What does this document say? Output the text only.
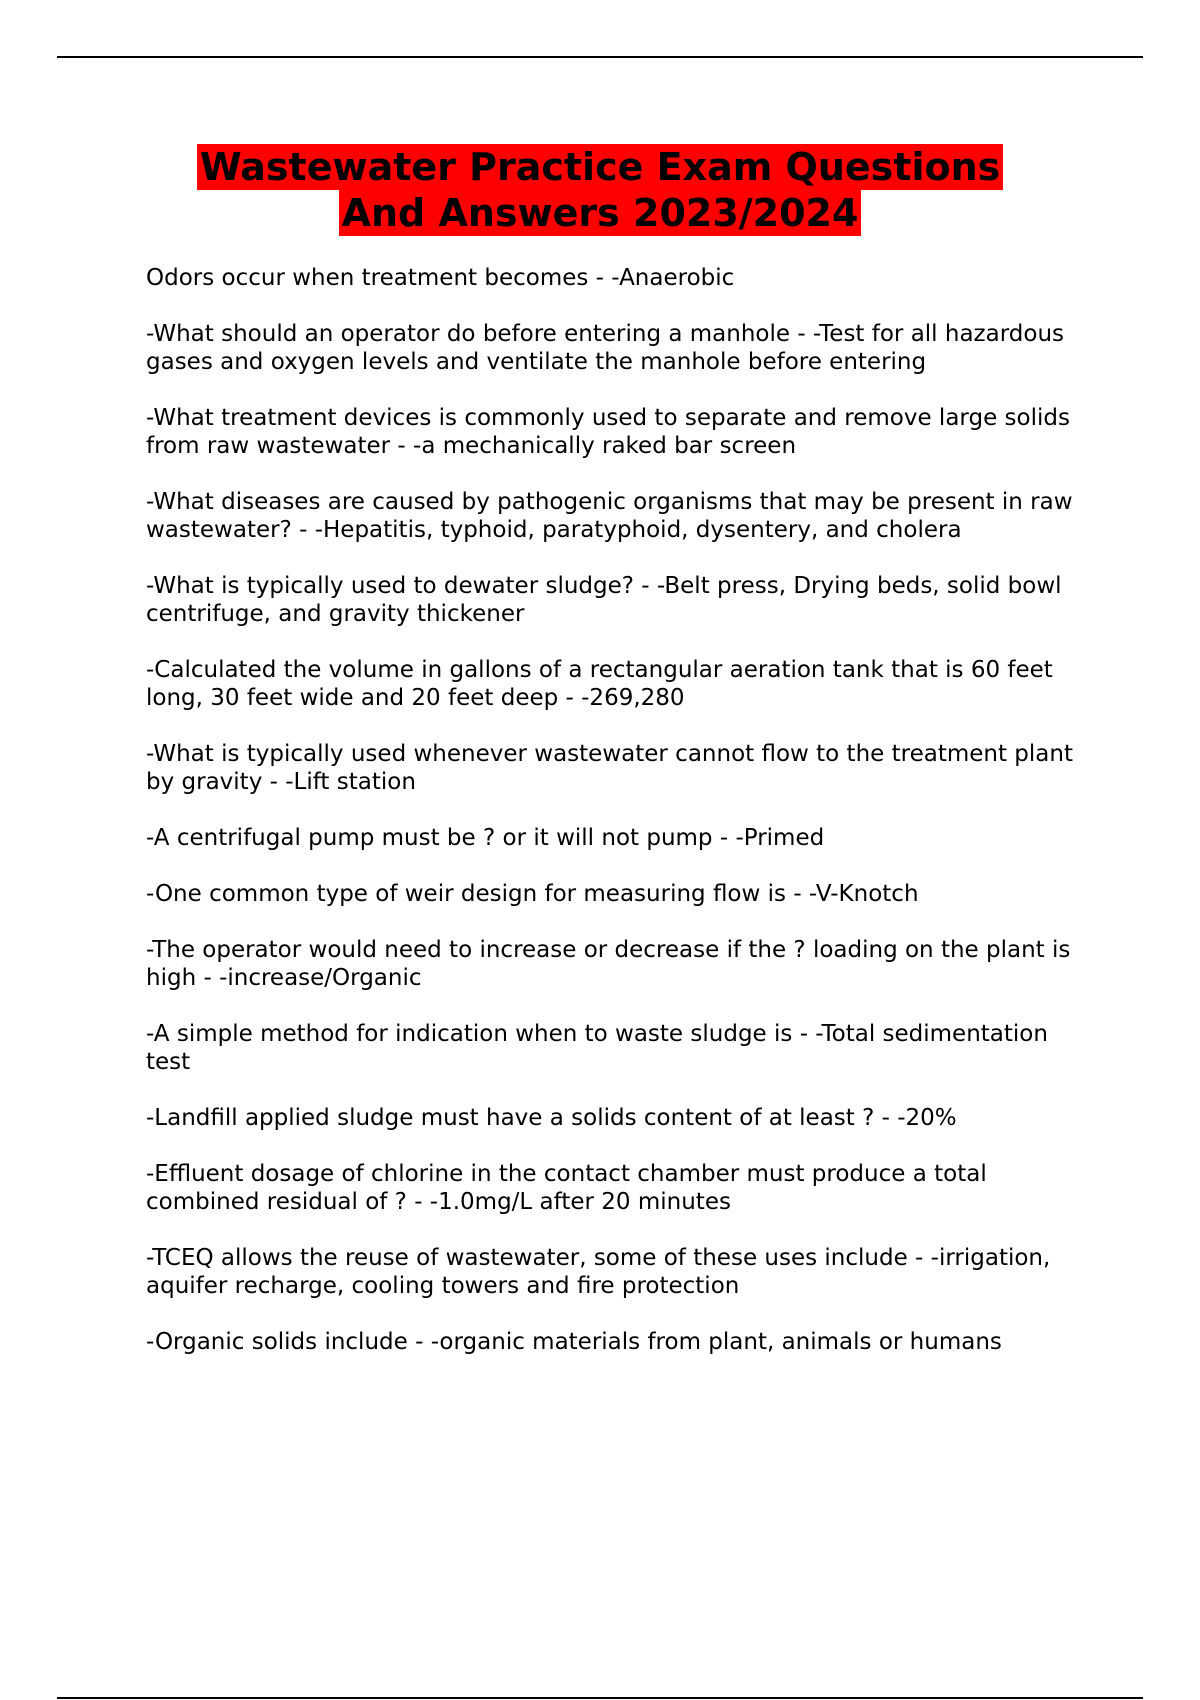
Wastewater Practice Exam Questions
And Answers 2023/2024

Odors occur when treatment becomes - -Anaerobic

-What should an operator do before entering a manhole - -Test for all hazardous gases and oxygen levels and ventilate the manhole before entering

-What treatment devices is commonly used to separate and remove large solids from raw wastewater - -a mechanically raked bar screen

-What diseases are caused by pathogenic organisms that may be present in raw wastewater? - -Hepatitis, typhoid, paratyphoid, dysentery, and cholera

-What is typically used to dewater sludge? - -Belt press, Drying beds, solid bowl centrifuge, and gravity thickener

-Calculated the volume in gallons of a rectangular aeration tank that is 60 feet long, 30 feet wide and 20 feet deep - -269,280

-What is typically used whenever wastewater cannot flow to the treatment plant by gravity - -Lift station

-A centrifugal pump must be ? or it will not pump - -Primed

-One common type of weir design for measuring flow is - -V-Knotch

-The operator would need to increase or decrease if the ? loading on the plant is high - -increase/Organic

-A simple method for indication when to waste sludge is - -Total sedimentation test

-Landfill applied sludge must have a solids content of at least ? - -20%

-Effluent dosage of chlorine in the contact chamber must produce a total combined residual of ? - -1.0mg/L after 20 minutes

-TCEQ allows the reuse of wastewater, some of these uses include - -irrigation, aquifer recharge, cooling towers and fire protection

-Organic solids include - -organic materials from plant, animals or humans
